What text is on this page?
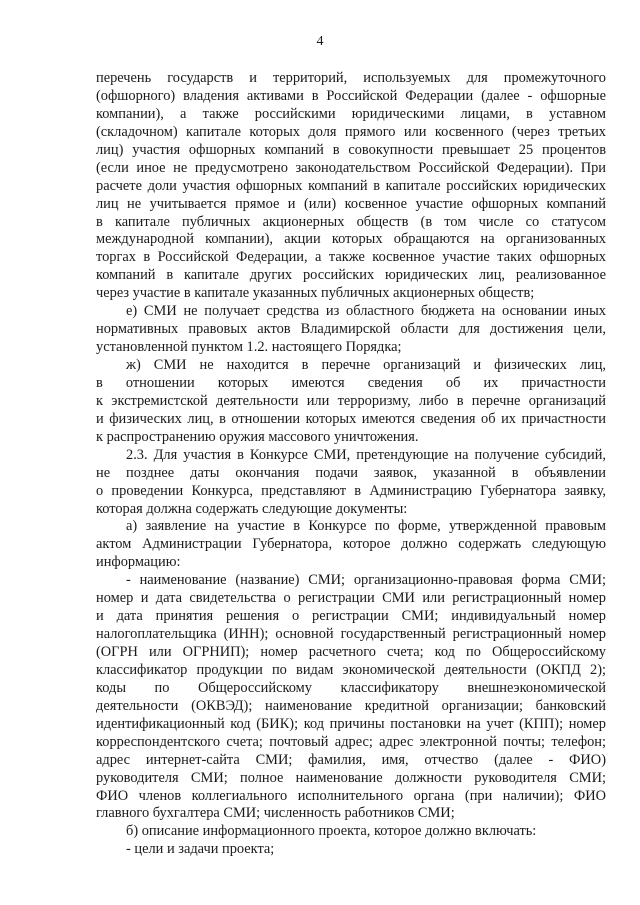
4
перечень государств и территорий, используемых для промежуточного
(офшорного) владения активами в Российской Федерации (далее - офшорные
компании), а также российскими юридическими лицами, в уставном
(складочном) капитале которых доля прямого или косвенного (через третьих
лиц) участия офшорных компаний в совокупности превышает 25 процентов
(если иное не предусмотрено законодательством Российской Федерации). При
расчете доли участия офшорных компаний в капитале российских юридических
лиц не учитывается прямое и (или) косвенное участие офшорных компаний
в капитале публичных акционерных обществ (в том числе со статусом
международной компании), акции которых обращаются на организованных
торгах в Российской Федерации, а также косвенное участие таких офшорных
компаний в капитале других российских юридических лиц, реализованное
через участие в капитале указанных публичных акционерных обществ;
е) СМИ не получает средства из областного бюджета на основании иных
нормативных правовых актов Владимирской области для достижения цели,
установленной пунктом 1.2. настоящего Порядка;
ж) СМИ не находится в перечне организаций и физических лиц,
в отношении которых имеются сведения об их причастности
к экстремистской деятельности или терроризму, либо в перечне организаций
и физических лиц, в отношении которых имеются сведения об их причастности
к распространению оружия массового уничтожения.
2.3. Для участия в Конкурсе СМИ, претендующие на получение субсидий,
не позднее даты окончания подачи заявок, указанной в объявлении
о проведении Конкурса, представляют в Администрацию Губернатора заявку,
которая должна содержать следующие документы:
а) заявление на участие в Конкурсе по форме, утвержденной правовым
актом Администрации Губернатора, которое должно содержать следующую
информацию:
- наименование (название) СМИ; организационно-правовая форма СМИ;
номер и дата свидетельства о регистрации СМИ или регистрационный номер
и дата принятия решения о регистрации СМИ; индивидуальный номер
налогоплательщика (ИНН); основной государственный регистрационный номер
(ОГРН или ОГРНИП); номер расчетного счета; код по Общероссийскому
классификатор продукции по видам экономической деятельности (ОКПД 2);
коды по Общероссийскому классификатору внешнеэкономической
деятельности (ОКВЭД); наименование кредитной организации; банковский
идентификационный код (БИК); код причины постановки на учет (КПП); номер
корреспондентского счета; почтовый адрес; адрес электронной почты; телефон;
адрес интернет-сайта СМИ; фамилия, имя, отчество (далее - ФИО)
руководителя СМИ; полное наименование должности руководителя СМИ;
ФИО членов коллегиального исполнительного органа (при наличии); ФИО
главного бухгалтера СМИ; численность работников СМИ;
б) описание информационного проекта, которое должно включать:
- цели и задачи проекта;
